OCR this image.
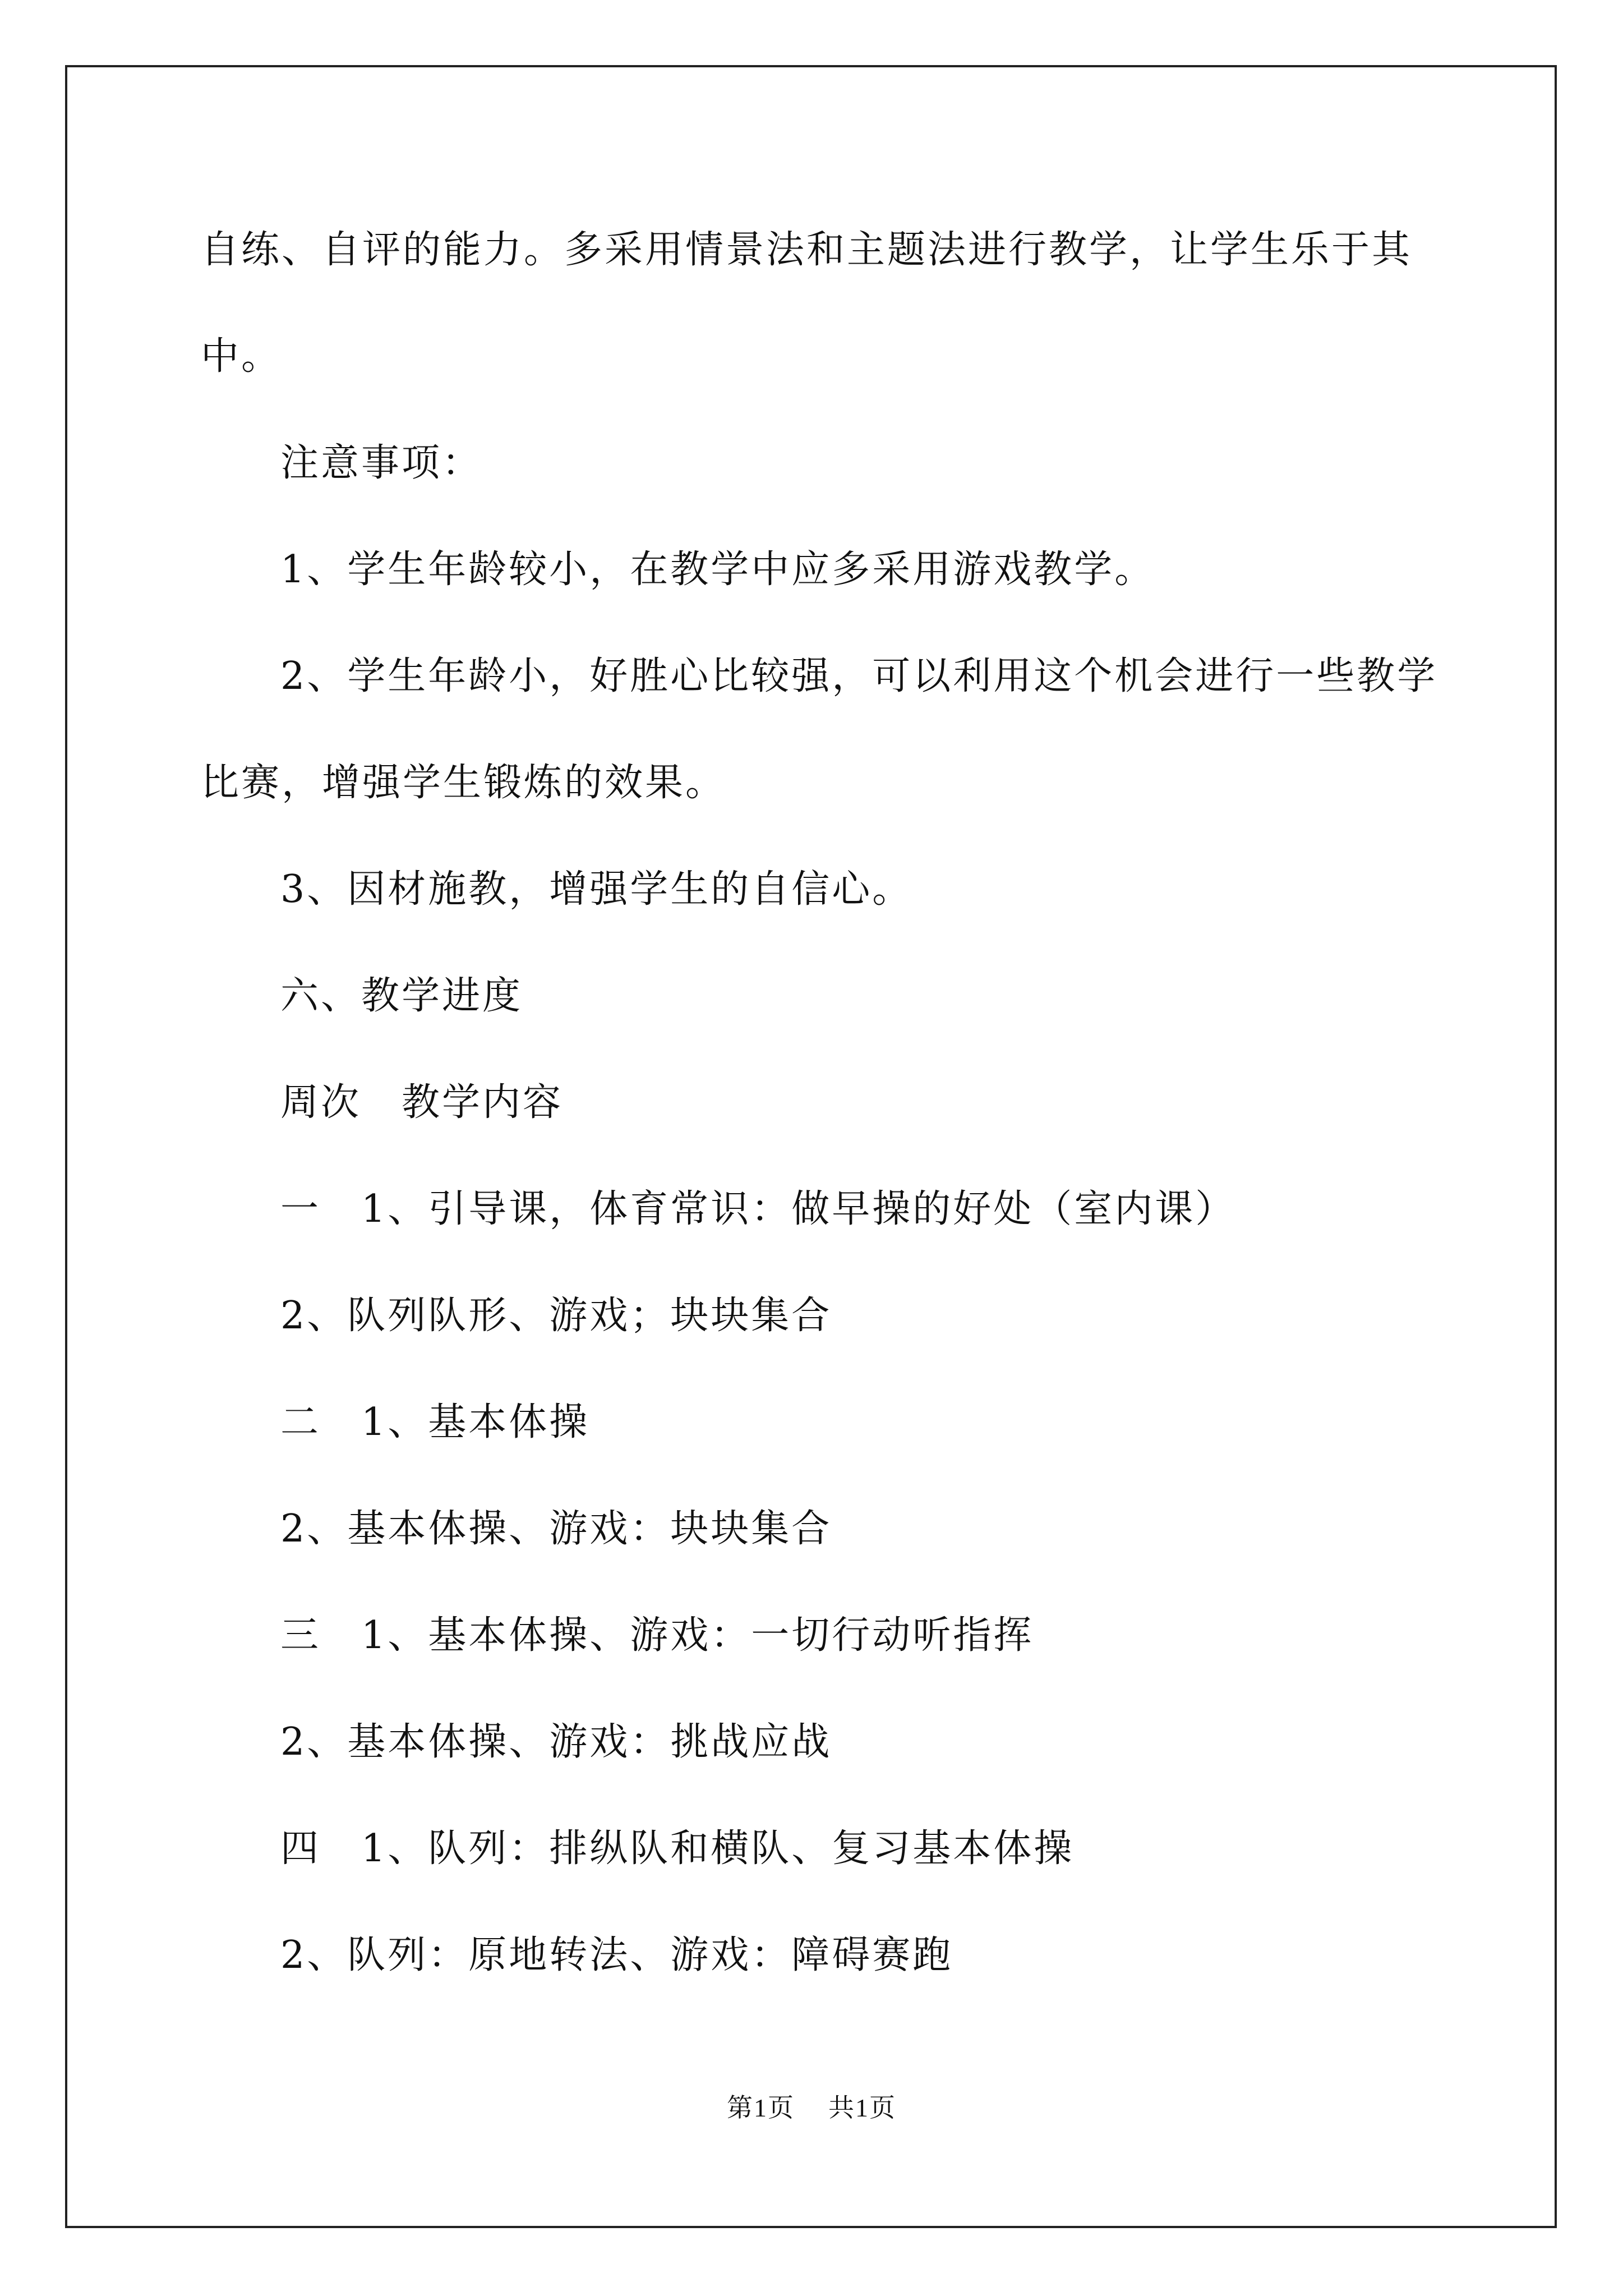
自练、自评的能力。多采用情景法和主题法进行教学，让学生乐于其
中。
注意事项：
1、学生年龄较小，在教学中应多采用游戏教学。
2、学生年龄小，好胜心比较强，可以利用这个机会进行一些教学
比赛，增强学生锻炼的效果。
3、因材施教，增强学生的自信心。
六、教学进度
周次　教学内容
一　1、引导课，体育常识：做早操的好处（室内课）
2、队列队形、游戏；块块集合
二　1、基本体操
2、基本体操、游戏：块块集合
三　1、基本体操、游戏：一切行动听指挥
2、基本体操、游戏：挑战应战
四　1、队列：排纵队和横队、复习基本体操
2、队列：原地转法、游戏：障碍赛跑
第1页 共1页
